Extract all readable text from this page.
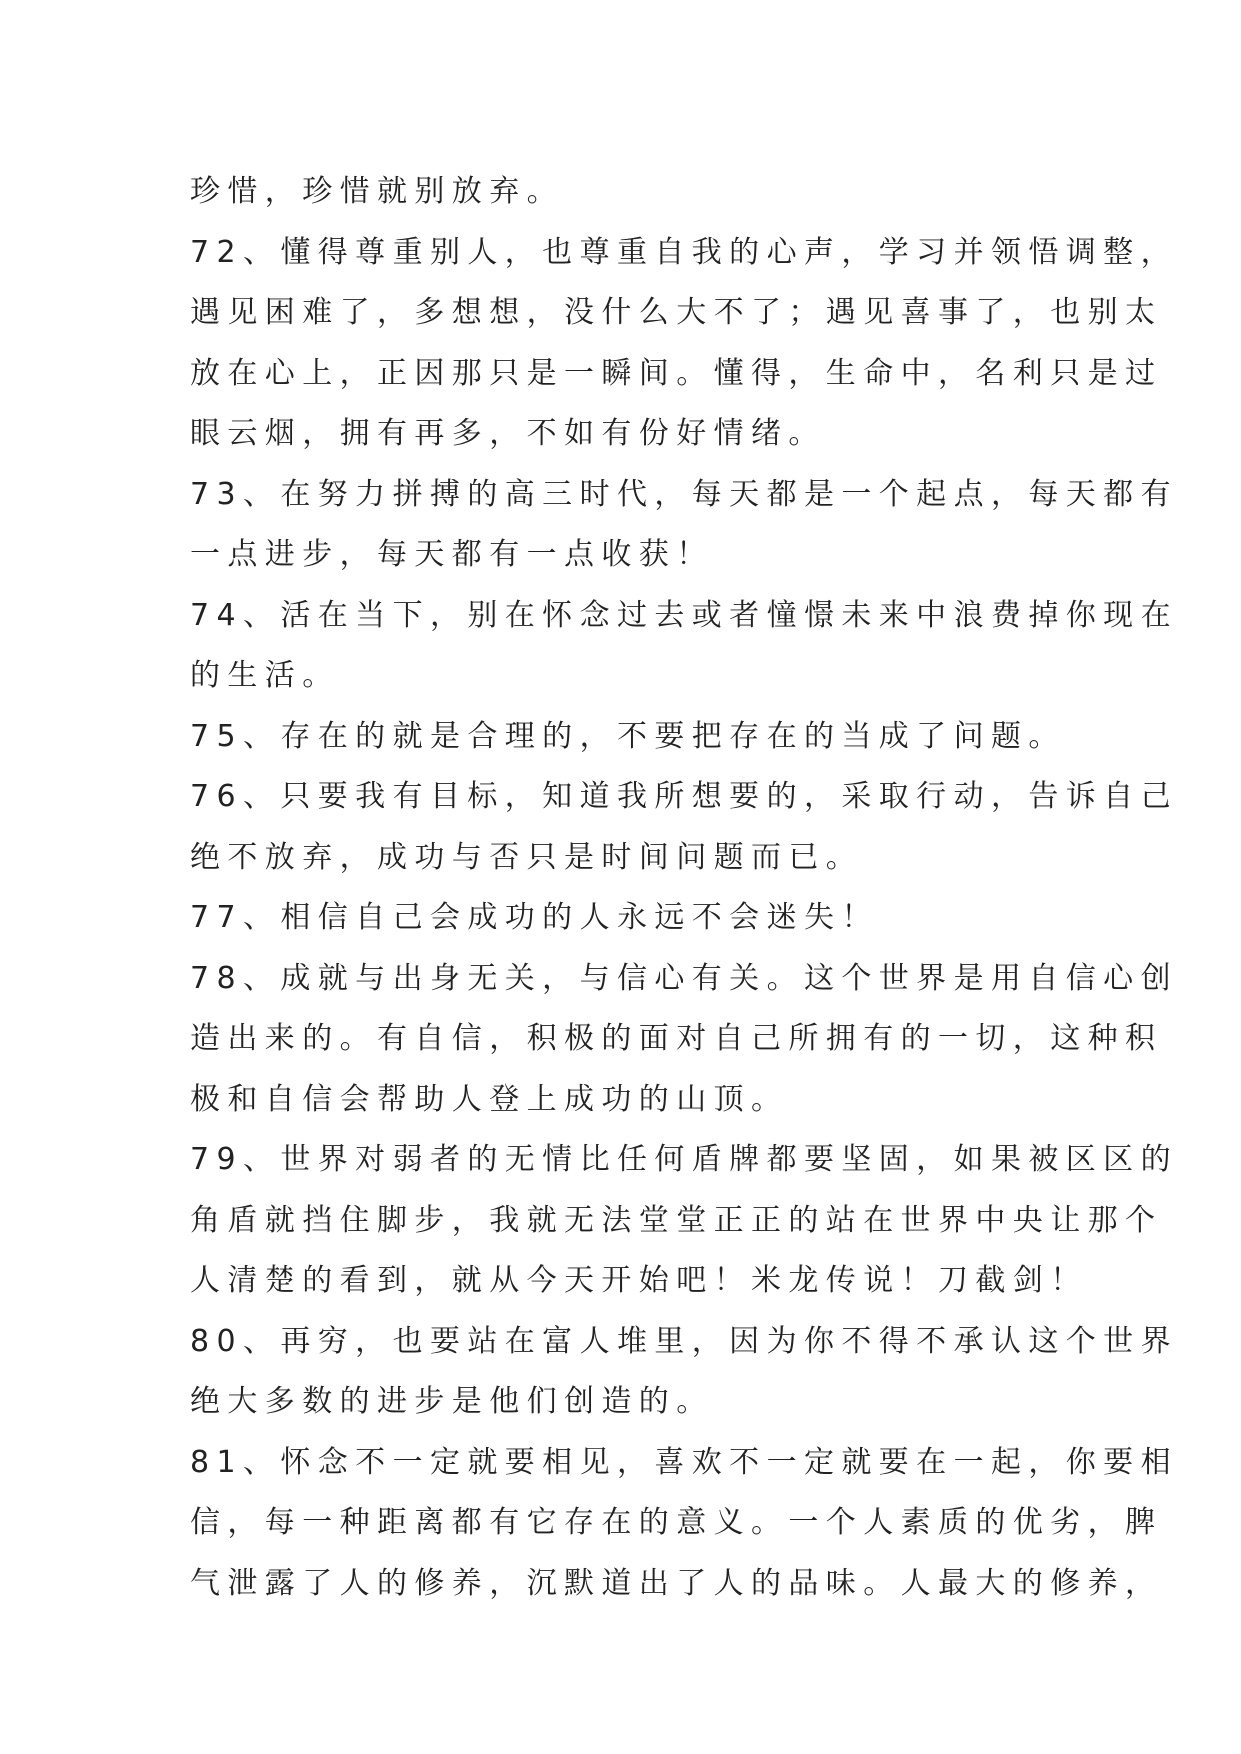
珍惜，珍惜就别放弃。
72、懂得尊重别人，也尊重自我的心声，学习并领悟调整，
遇见困难了，多想想，没什么大不了；遇见喜事了，也别太
放在心上，正因那只是一瞬间。懂得，生命中，名利只是过
眼云烟，拥有再多，不如有份好情绪。
73、在努力拼搏的高三时代，每天都是一个起点，每天都有
一点进步，每天都有一点收获！
74、活在当下，别在怀念过去或者憧憬未来中浪费掉你现在
的生活。
75、存在的就是合理的，不要把存在的当成了问题。
76、只要我有目标，知道我所想要的，采取行动，告诉自己
绝不放弃，成功与否只是时间问题而已。
77、相信自己会成功的人永远不会迷失！
78、成就与出身无关，与信心有关。这个世界是用自信心创
造出来的。有自信，积极的面对自己所拥有的一切，这种积
极和自信会帮助人登上成功的山顶。
79、世界对弱者的无情比任何盾牌都要坚固，如果被区区的
角盾就挡住脚步，我就无法堂堂正正的站在世界中央让那个
人清楚的看到，就从今天开始吧！米龙传说！刀截剑！
80、再穷，也要站在富人堆里，因为你不得不承认这个世界
绝大多数的进步是他们创造的。
81、怀念不一定就要相见，喜欢不一定就要在一起，你要相
信，每一种距离都有它存在的意义。一个人素质的优劣，脾
气泄露了人的修养，沉默道出了人的品味。人最大的修养，
